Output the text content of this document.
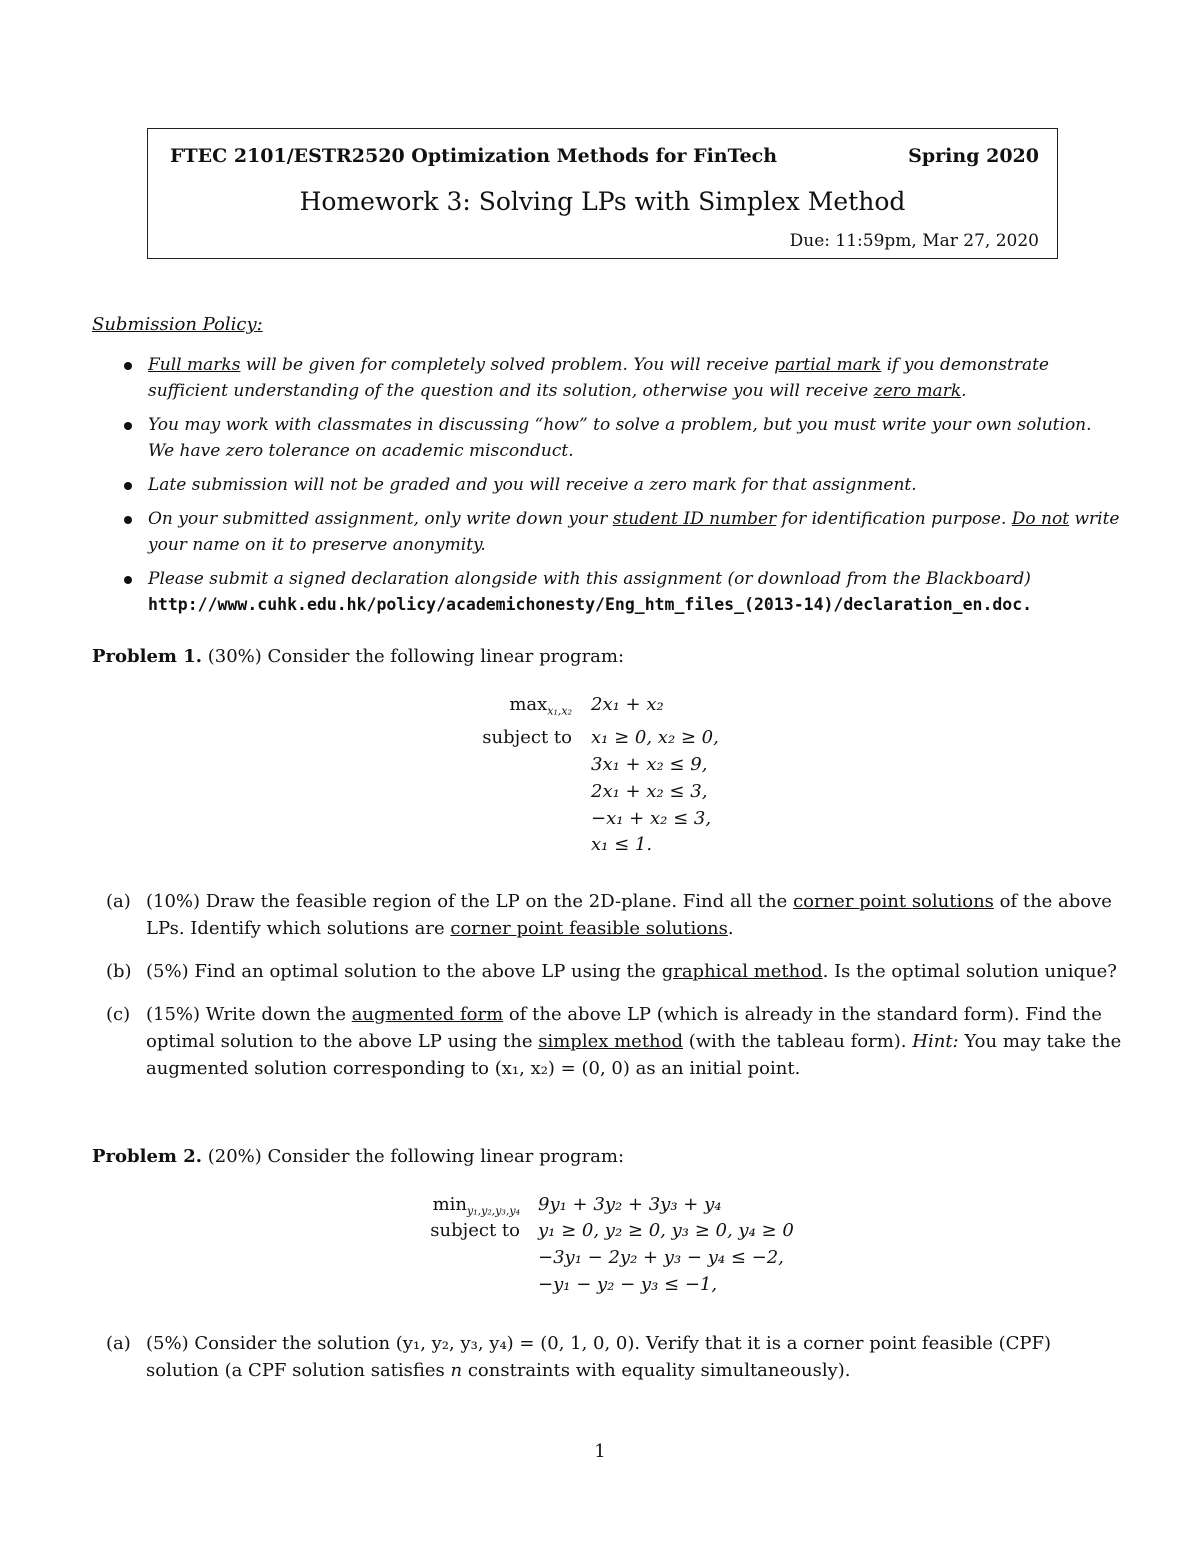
FTEC 2101/ESTR2520 Optimization Methods for FinTech	Spring 2020
Homework 3: Solving LPs with Simplex Method
Due: 11:59pm, Mar 27, 2020
Submission Policy:
Full marks will be given for completely solved problem. You will receive partial mark if you demonstrate sufficient understanding of the question and its solution, otherwise you will receive zero mark.
You may work with classmates in discussing “how” to solve a problem, but you must write your own solution. We have zero tolerance on academic misconduct.
Late submission will not be graded and you will receive a zero mark for that assignment.
On your submitted assignment, only write down your student ID number for identification purpose. Do not write your name on it to preserve anonymity.
Please submit a signed declaration alongside with this assignment (or download from the Blackboard)
http://www.cuhk.edu.hk/policy/academichonesty/Eng_htm_files_(2013-14)/declaration_en.doc.
Problem 1. (30%) Consider the following linear program:
$\max_{x_1,x_2} 2x_1 + x_2$
subject to x₁ ≥ 0, x₂ ≥ 0,
3x₁ + x₂ ≤ 9,
2x₁ + x₂ ≤ 3,
−x₁ + x₂ ≤ 3,
x₁ ≤ 1.
(a) (10%) Draw the feasible region of the LP on the 2D-plane. Find all the corner point solutions of the above LPs. Identify which solutions are corner point feasible solutions.
(b) (5%) Find an optimal solution to the above LP using the graphical method. Is the optimal solution unique?
(c) (15%) Write down the augmented form of the above LP (which is already in the standard form). Find the optimal solution to the above LP using the simplex method (with the tableau form). Hint: You may take the augmented solution corresponding to (x₁, x₂) = (0, 0) as an initial point.
Problem 2. (20%) Consider the following linear program:
$\min_{y_1,y_2,y_3,y_4} 9y_1 + 3y_2 + 3y_3 + y_4$
subject to y₁ ≥ 0, y₂ ≥ 0, y₃ ≥ 0, y₄ ≥ 0
−3y₁ − 2y₂ + y₃ − y₄ ≤ −2,
−y₁ − y₂ − y₃ ≤ −1,
(a) (5%) Consider the solution (y₁, y₂, y₃, y₄) = (0, 1, 0, 0). Verify that it is a corner point feasible (CPF) solution (a CPF solution satisfies n constraints with equality simultaneously).
1
